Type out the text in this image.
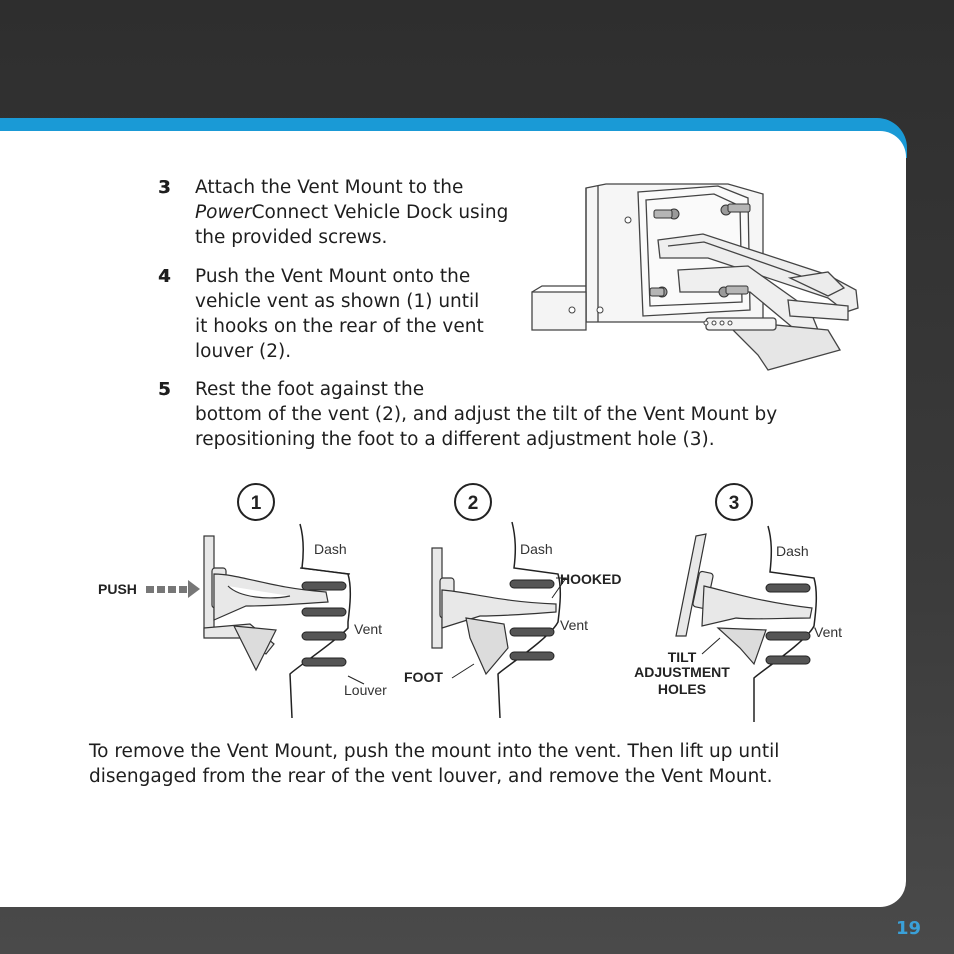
3 Attach the Vent Mount to the
PowerConnect Vehicle Dock using
the provided screws.
4 Push the Vent Mount onto the
vehicle vent as shown (1) until
it hooks on the rear of the vent
louver (2).
5 Rest the foot against the
bottom of the vent (2), and adjust the tilt of the Vent Mount by
repositioning the foot to a different adjustment hole (3).
1
Dash
Vent
Louver
PUSH
2
Dash
Vent
HOOKED
FOOT
3
Dash
Vent
TILT
ADJUSTMENT
HOLES
To remove the Vent Mount, push the mount into the vent. Then lift up until
disengaged from the rear of the vent louver, and remove the Vent Mount.
19
